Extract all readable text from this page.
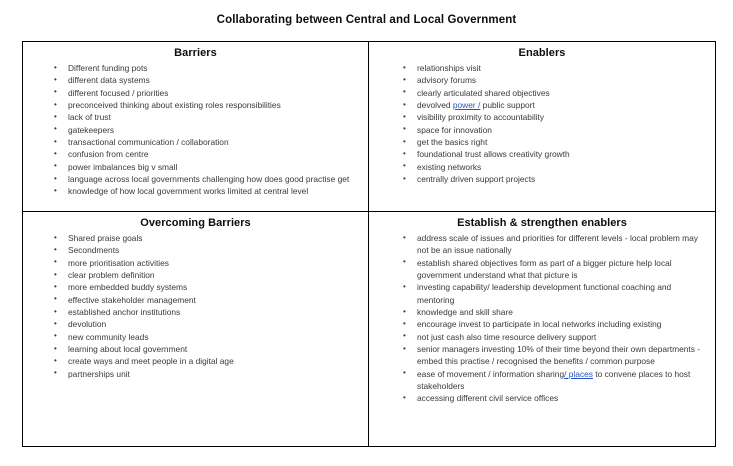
Collaborating between Central and Local Government
Barriers
• Different funding pots
• different data systems
• different focused / priorities
• preconceived thinking about existing roles responsibilities
• lack of trust
• gatekeepers
• transactional communication / collaboration
• confusion from centre
• power imbalances big v small
• language across local governments challenging how does good practise get
• knowledge of how local government works limited at central level
Enablers
• relationships visit
• advisory forums
• clearly articulated shared objectives
• devolved power / public support
• visibility proximity to accountability
• space for innovation
• get the basics right
• foundational trust allows creativity growth
• existing networks
• centrally driven support projects
Overcoming Barriers
• Shared praise goals
• Secondments
• more prioritisation activities
• clear problem definition
• more embedded buddy systems
• effective stakeholder management
• established anchor institutions
• devolution
• new community leads
• learning about local government
• create ways and meet people in a digital age
• partnerships unit
Establish & strengthen enablers
• address scale of issues and priorities for different levels - local problem may not be an issue nationally
• establish shared objectives form as part of a bigger picture help local government understand what that picture is
• investing capability/ leadership development functional coaching and mentoring
• knowledge and skill share
• encourage invest to participate in local networks including existing
• not just cash also time resource delivery support
• senior managers investing 10% of their time beyond their own departments - embed this practise / recognised the benefits / common purpose
• ease of movement / information sharing/ places to convene places to host stakeholders
• accessing different civil service offices
